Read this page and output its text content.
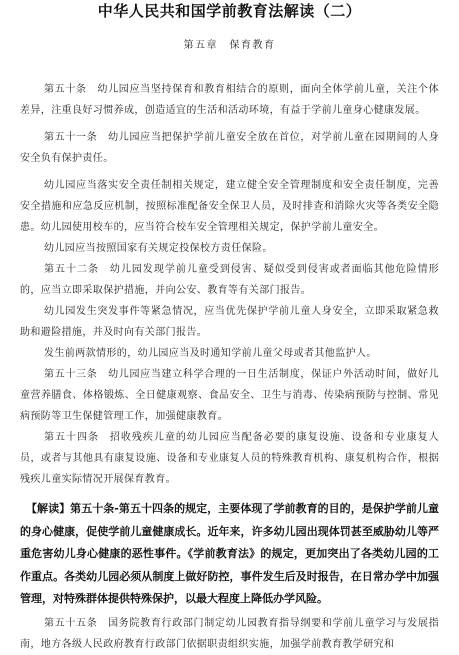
中华人民共和国学前教育法解读（二）

第五章　保育教育

第五十条　幼儿园应当坚持保育和教育相结合的原则，面向全体学前儿童，关注个体差异，注重良好习惯养成，创造适宜的生活和活动环境，有益于学前儿童身心健康发展。

第五十一条　幼儿园应当把保护学前儿童安全放在首位，对学前儿童在园期间的人身安全负有保护责任。

幼儿园应当落实安全责任制相关规定，建立健全安全管理制度和安全责任制度，完善安全措施和应急反应机制，按照标准配备安全保卫人员，及时排查和消除火灾等各类安全隐患。幼儿园使用校车的，应当符合校车安全管理相关规定，保护学前儿童安全。

幼儿园应当按照国家有关规定投保校方责任保险。

第五十二条　幼儿园发现学前儿童受到侵害、疑似受到侵害或者面临其他危险情形的，应当立即采取保护措施，并向公安、教育等有关部门报告。

幼儿园发生突发事件等紧急情况，应当优先保护学前儿童人身安全，立即采取紧急救助和避险措施，并及时向有关部门报告。

发生前两款情形的，幼儿园应当及时通知学前儿童父母或者其他监护人。

第五十三条　幼儿园应当建立科学合理的一日生活制度，保证户外活动时间，做好儿童营养膳食、体格锻炼、全日健康观察、食品安全、卫生与消毒、传染病预防与控制、常见病预防等卫生保健管理工作，加强健康教育。

第五十四条　招收残疾儿童的幼儿园应当配备必要的康复设施、设备和专业康复人员，或者与其他具有康复设施、设备和专业康复人员的特殊教育机构、康复机构合作，根据残疾儿童实际情况开展保育教育。

【解读】第五十条-第五十四条的规定，主要体现了学前教育的目的，是保护学前儿童的身心健康，促使学前儿童健康成长。近年来，许多幼儿园出现体罚甚至威胁幼儿等严重危害幼儿身心健康的恶性事件。《学前教育法》的规定，更加突出了各类幼儿园的工作重点。各类幼儿园必须从制度上做好防控，事件发生后及时报告，在日常办学中加强管理，对特殊群体提供特殊保护，以最大程度上降低办学风险。

第五十五条　国务院教育行政部门制定幼儿园教育指导纲要和学前儿童学习与发展指南，地方各级人民政府教育行政部门依据职责组织实施，加强学前教育教学研究和
